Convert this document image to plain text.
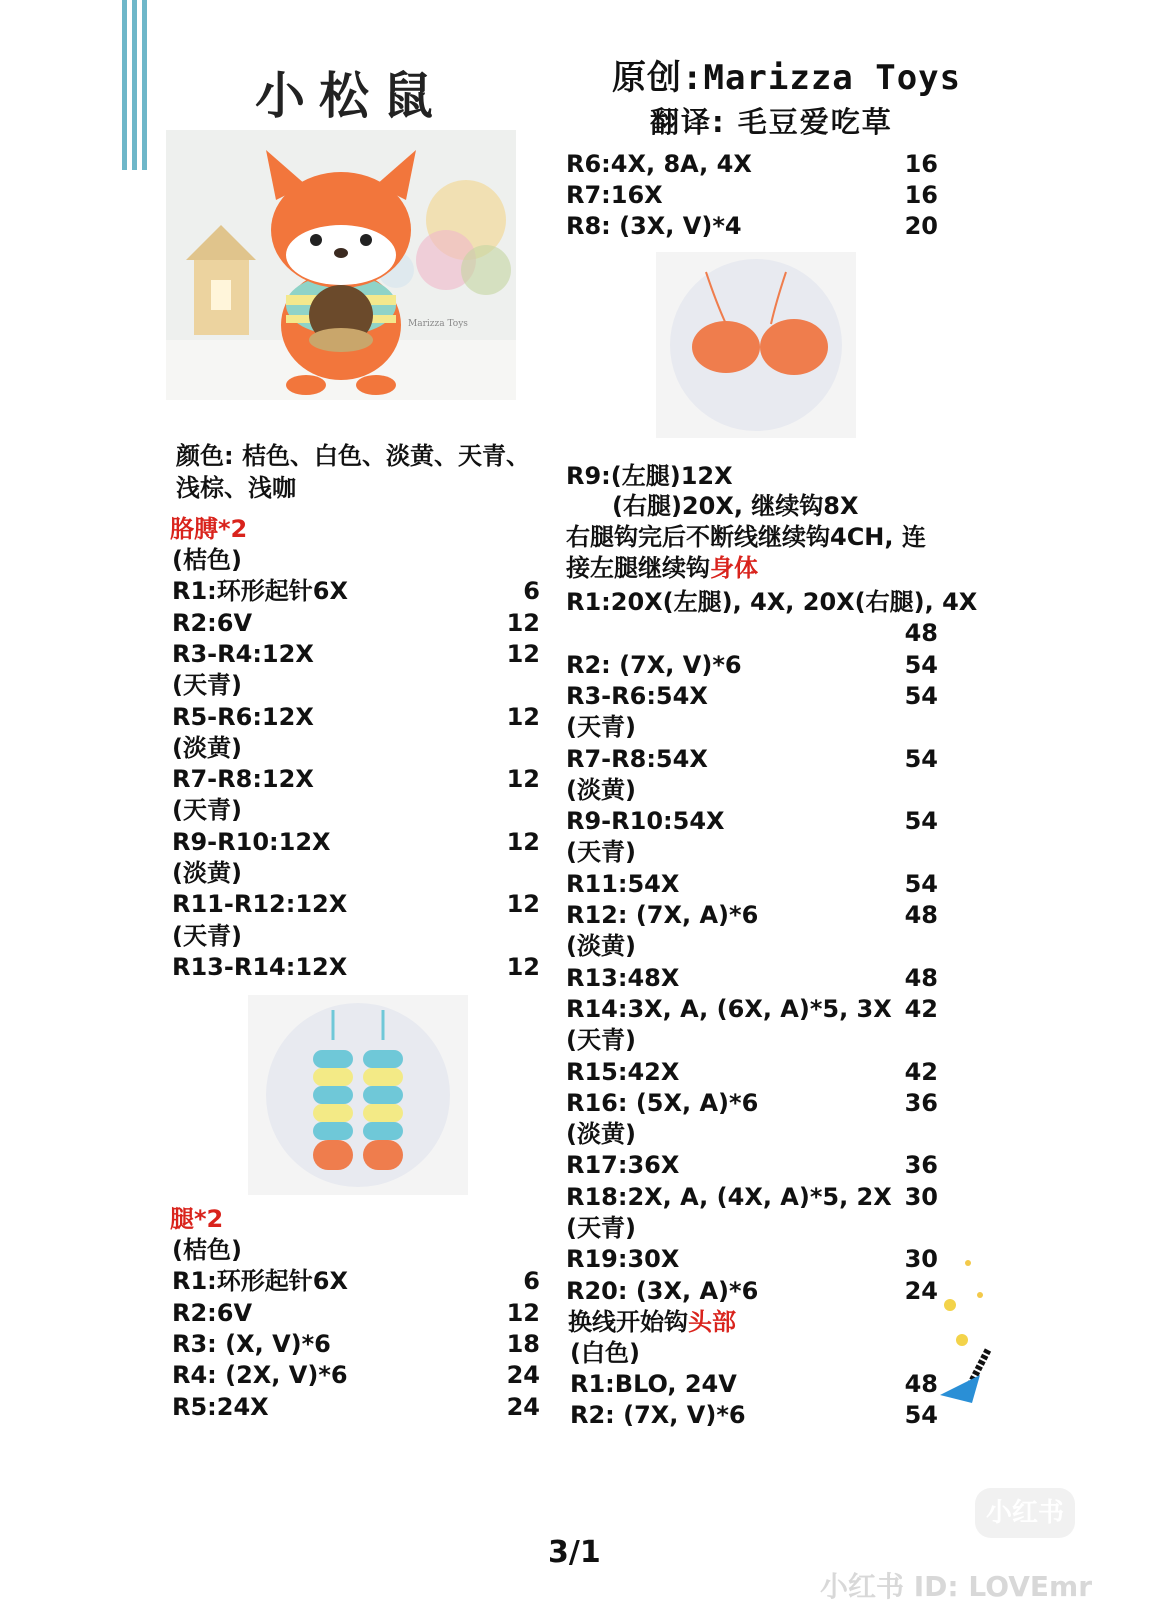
小松鼠	原创:Marizza Toys
翻译: 毛豆爱吃草
Marizza Toys
颜色: 桔色、白色、淡黄、天青、浅棕、浅咖
胳膊*2
(桔色)
R1:环形起针6X	6
R2:6V	12
R3-R4:12X	12
(天青)
R5-R6:12X	12
(淡黄)
R7-R8:12X	12
(天青)
R9-R10:12X	12
(淡黄)
R11-R12:12X	12
(天青)
R13-R14:12X	12
腿*2
(桔色)
R1:环形起针6X	6
R2:6V	12
R3: (X, V)*6	18
R4: (2X, V)*6	24
R5:24X	24
R6:4X, 8A, 4X	16
R7:16X	16
R8: (3X, V)*4	20
R9:(左腿)12X
(右腿)20X, 继续钩8X
右腿钩完后不断线继续钩4CH, 连
接左腿继续钩身体
R1:20X(左腿), 4X, 20X(右腿), 4X
48
R2: (7X, V)*6	54
R3-R6:54X	54
(天青)
R7-R8:54X	54
(淡黄)
R9-R10:54X	54
(天青)
R11:54X	54
R12: (7X, A)*6	48
(淡黄)
R13:48X	48
R14:3X, A, (6X, A)*5, 3X 42
(天青)
R15:42X	42
R16: (5X, A)*6	36
(淡黄)
R17:36X	36
R18:2X, A, (4X, A)*5, 2X 30
(天青)
R19:30X	30
R20: (3X, A)*6	24
换线开始钩头部
(白色)
R1:BLO, 24V	48
R2: (7X, V)*6	54
小红书
3/1
小红书 ID: LOVEmr
